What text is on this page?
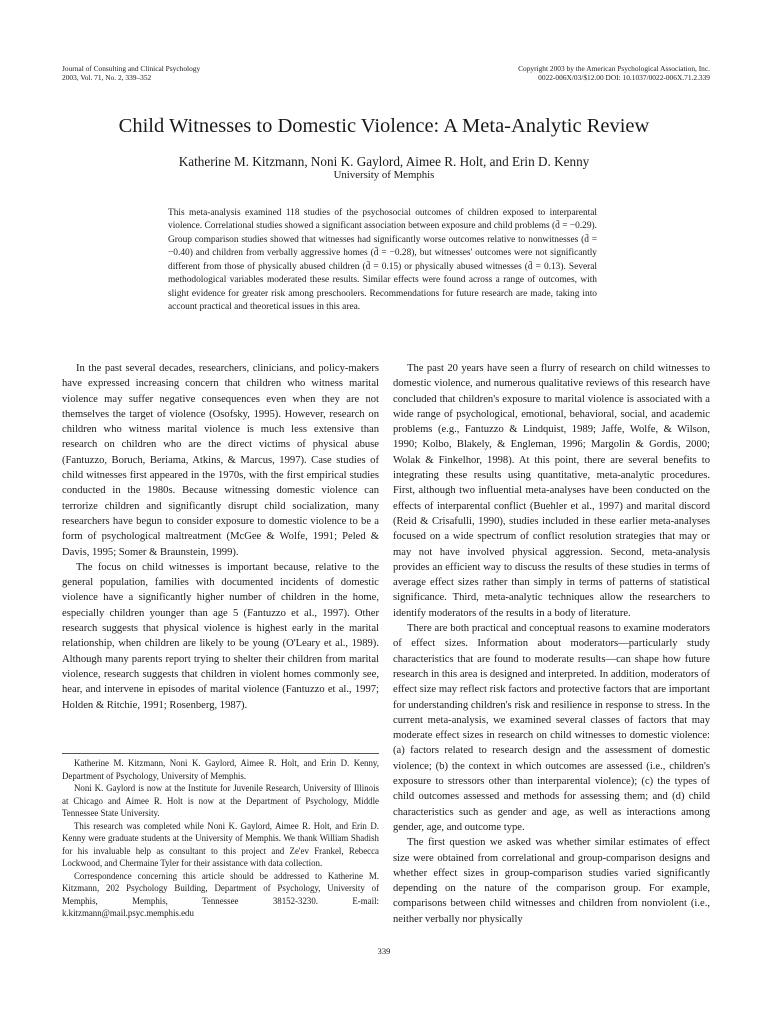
Journal of Consulting and Clinical Psychology
2003, Vol. 71, No. 2, 339–352
Copyright 2003 by the American Psychological Association, Inc.
0022-006X/03/$12.00 DOI: 10.1037/0022-006X.71.2.339
Child Witnesses to Domestic Violence: A Meta-Analytic Review
Katherine M. Kitzmann, Noni K. Gaylord, Aimee R. Holt, and Erin D. Kenny
University of Memphis
This meta-analysis examined 118 studies of the psychosocial outcomes of children exposed to interparental violence. Correlational studies showed a significant association between exposure and child problems (d̄ = −0.29). Group comparison studies showed that witnesses had significantly worse outcomes relative to nonwitnesses (d̄ = −0.40) and children from verbally aggressive homes (d̄ = −0.28), but witnesses' outcomes were not significantly different from those of physically abused children (d̄ = 0.15) or physically abused witnesses (d̄ = 0.13). Several methodological variables moderated these results. Similar effects were found across a range of outcomes, with slight evidence for greater risk among preschoolers. Recommendations for future research are made, taking into account practical and theoretical issues in this area.

In the past several decades, researchers, clinicians, and policy-makers have expressed increasing concern that children who witness marital violence may suffer negative consequences even when they are not themselves the target of violence (Osofsky, 1995). However, research on children who witness marital violence is much less extensive than research on children who are the direct victims of physical abuse (Fantuzzo, Boruch, Beriama, Atkins, & Marcus, 1997). Case studies of child witnesses first appeared in the 1970s, with the first empirical studies conducted in the 1980s. Because witnessing domestic violence can terrorize children and significantly disrupt child socialization, many researchers have begun to consider exposure to domestic violence to be a form of psychological maltreatment (McGee & Wolfe, 1991; Peled & Davis, 1995; Somer & Braunstein, 1999).

The focus on child witnesses is important because, relative to the general population, families with documented incidents of domestic violence have a significantly higher number of children in the home, especially children younger than age 5 (Fantuzzo et al., 1997). Other research suggests that physical violence is highest early in the marital relationship, when children are likely to be young (O'Leary et al., 1989). Although many parents report trying to shelter their children from marital violence, research suggests that children in violent homes commonly see, hear, and intervene in episodes of marital violence (Fantuzzo et al., 1997; Holden & Ritchie, 1991; Rosenberg, 1987).

Katherine M. Kitzmann, Noni K. Gaylord, Aimee R. Holt, and Erin D. Kenny, Department of Psychology, University of Memphis.

Noni K. Gaylord is now at the Institute for Juvenile Research, University of Illinois at Chicago and Aimee R. Holt is now at the Department of Psychology, Middle Tennessee State University.

This research was completed while Noni K. Gaylord, Aimee R. Holt, and Erin D. Kenny were graduate students at the University of Memphis. We thank William Shadish for his invaluable help as consultant to this project and Ze'ev Frankel, Rebecca Lockwood, and Chermaine Tyler for their assistance with data collection.

Correspondence concerning this article should be addressed to Katherine M. Kitzmann, 202 Psychology Building, Department of Psychology, University of Memphis, Memphis, Tennessee 38152-3230. E-mail: k.kitzmann@mail.psyc.memphis.edu

The past 20 years have seen a flurry of research on child witnesses to domestic violence, and numerous qualitative reviews of this research have concluded that children's exposure to marital violence is associated with a wide range of psychological, emotional, behavioral, social, and academic problems (e.g., Fantuzzo & Lindquist, 1989; Jaffe, Wolfe, & Wilson, 1990; Kolbo, Blakely, & Engleman, 1996; Margolin & Gordis, 2000; Wolak & Finkelhor, 1998). At this point, there are several benefits to integrating these results using quantitative, meta-analytic procedures. First, although two influential meta-analyses have been conducted on the effects of interparental conflict (Buehler et al., 1997) and marital discord (Reid & Crisafulli, 1990), studies included in these earlier meta-analyses focused on a wide spectrum of conflict resolution strategies that may or may not have involved physical aggression. Second, meta-analysis provides an efficient way to discuss the results of these studies in terms of average effect sizes rather than simply in terms of patterns of statistical significance. Third, meta-analytic techniques allow the researchers to identify moderators of the results in a body of literature.

There are both practical and conceptual reasons to examine moderators of effect sizes. Information about moderators—particularly study characteristics that are found to moderate results—can shape how future research in this area is designed and interpreted. In addition, moderators of effect size may reflect risk factors and protective factors that are important for understanding children's risk and resilience in response to stress. In the current meta-analysis, we examined several classes of factors that may moderate effect sizes in research on child witnesses to domestic violence: (a) factors related to research design and the assessment of domestic violence; (b) the context in which outcomes are assessed (i.e., children's exposure to stressors other than interparental violence); (c) the types of child outcomes assessed and methods for assessing them; and (d) child characteristics such as gender and age, as well as interactions among gender, age, and outcome type.

The first question we asked was whether similar estimates of effect size were obtained from correlational and group-comparison designs and whether effect sizes in group-comparison studies varied significantly depending on the nature of the comparison group. For example, comparisons between child witnesses and children from nonviolent (i.e., neither verbally nor physically

339
